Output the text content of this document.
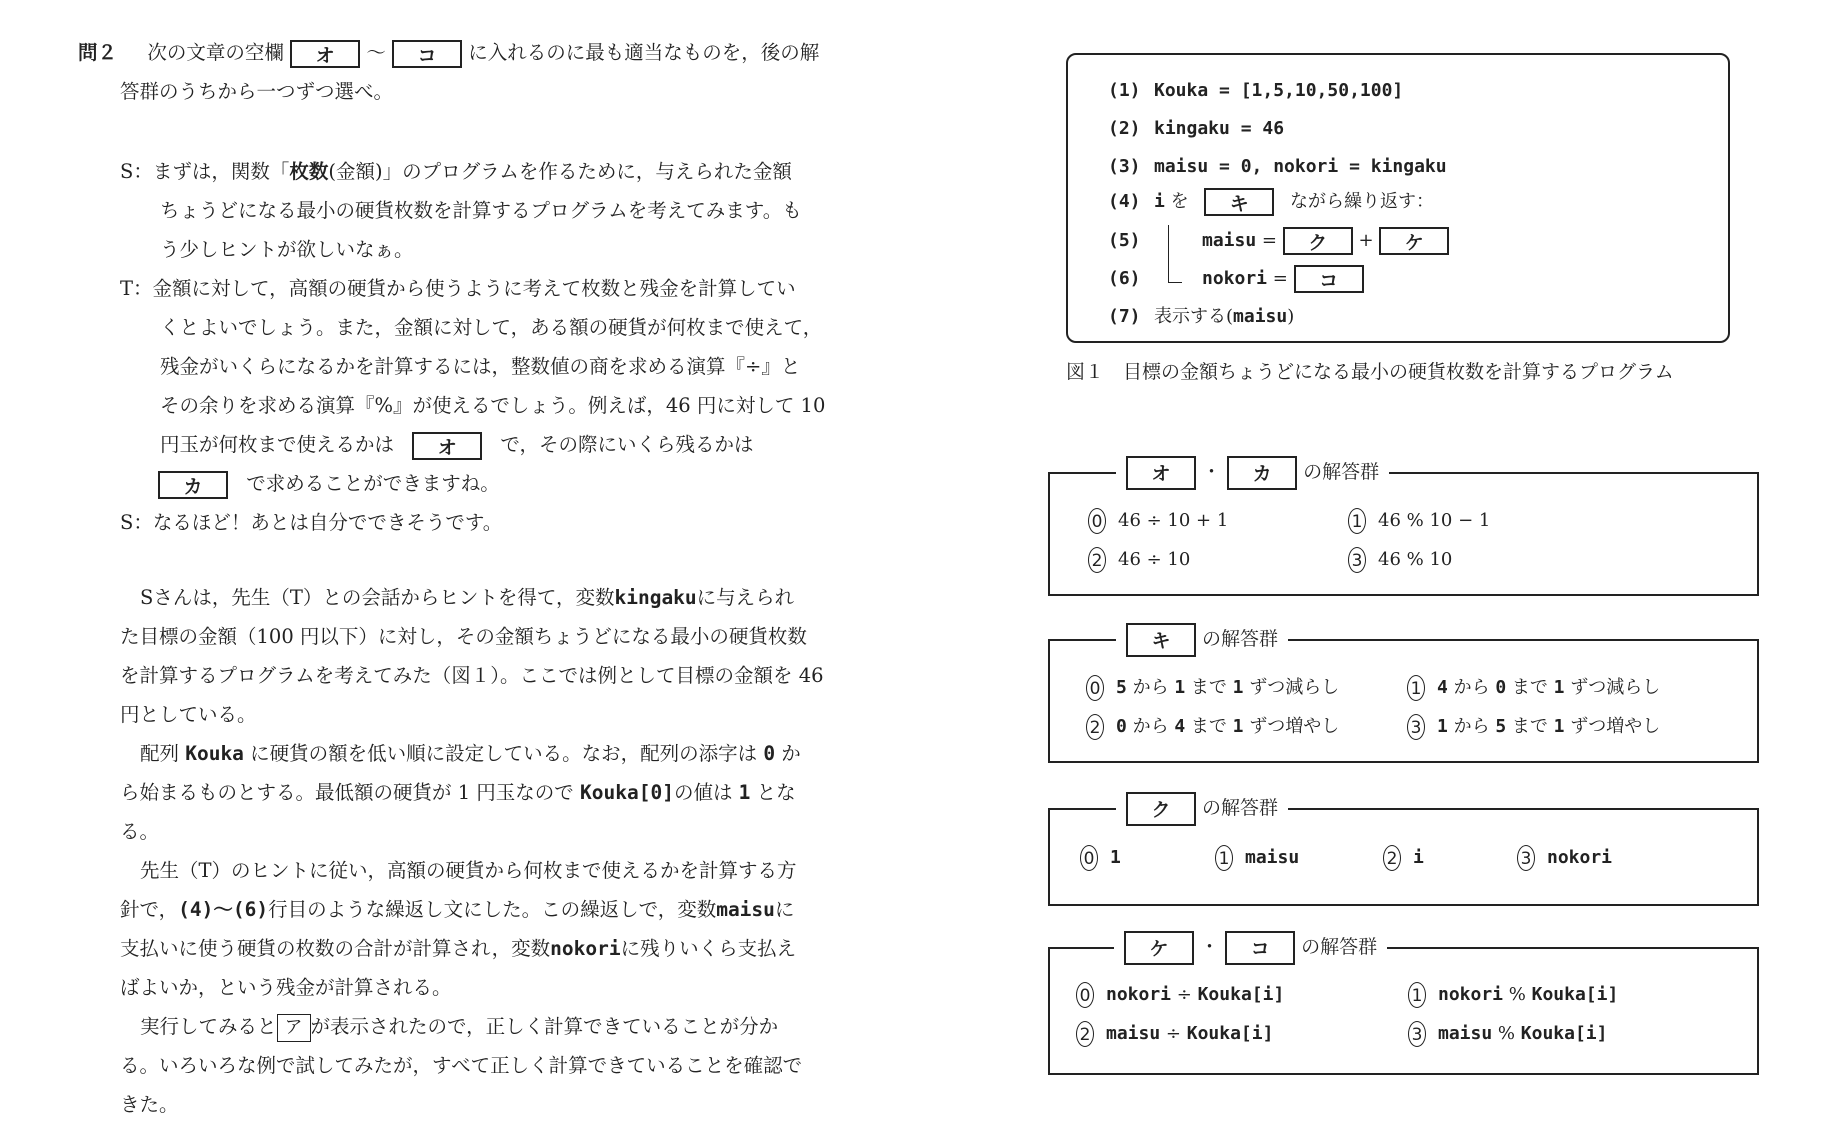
問２ 次の文章の空欄 オ ～ コ に入れるのに最も適当なものを，後の解
答群のうちから一つずつ選べ。
S：まずは，関数「枚数(金額)」のプログラムを作るために，与えられた金額
ちょうどになる最小の硬貨枚数を計算するプログラムを考えてみます。も
う少しヒントが欲しいなぁ。
T：金額に対して，高額の硬貨から使うように考えて枚数と残金を計算してい
くとよいでしょう。また，金額に対して，ある額の硬貨が何枚まで使えて，
残金がいくらになるかを計算するには，整数値の商を求める演算『÷』と
その余りを求める演算『%』が使えるでしょう。例えば，46 円に対して 10
円玉が何枚まで使えるかは オ で，その際にいくら残るかは
カ で求めることができますね。
S：なるほど！あとは自分でできそうです。
Sさんは，先生（T）との会話からヒントを得て，変数kingakuに与えられ
た目標の金額（100 円以下）に対し，その金額ちょうどになる最小の硬貨枚数
を計算するプログラムを考えてみた（図１）。ここでは例として目標の金額を 46
円としている。
配列 Kouka に硬貨の額を低い順に設定している。なお，配列の添字は 0 か
ら始まるものとする。最低額の硬貨が 1 円玉なので Kouka[0]の値は 1 とな
る。
先生（T）のヒントに従い，高額の硬貨から何枚まで使えるかを計算する方
針で，(4)～(6)行目のような繰返し文にした。この繰返しで，変数maisuに
支払いに使う硬貨の枚数の合計が計算され，変数nokoriに残りいくら支払え
ばよいか，という残金が計算される。
実行してみると ア が表示されたので，正しく計算できていることが分か
る。いろいろな例で試してみたが，すべて正しく計算できていることを確認で
きた。
(1) Kouka = [1,5,10,50,100]
(2) kingaku = 46
(3) maisu = 0, nokori = kingaku
(4) i を キ ながら繰り返す：
(5)	maisu = ク + ケ
(6)	nokori = コ
(7) 表示する(maisu)
図１　目標の金額ちょうどになる最小の硬貨枚数を計算するプログラム
オ ・ カ の解答群
0 46 ÷ 10 + 1	1 46 % 10 − 1
2 46 ÷ 10	3 46 % 10
キ の解答群
0 5 から 1 まで 1 ずつ減らし	1 4 から 0 まで 1 ずつ減らし
2 0 から 4 まで 1 ずつ増やし	3 1 から 5 まで 1 ずつ増やし
ク の解答群
0 1	1 maisu	2 i	3 nokori
ケ ・ コ の解答群
0 nokori ÷ Kouka[i]	1 nokori % Kouka[i]
2 maisu ÷ Kouka[i]	3 maisu % Kouka[i]
